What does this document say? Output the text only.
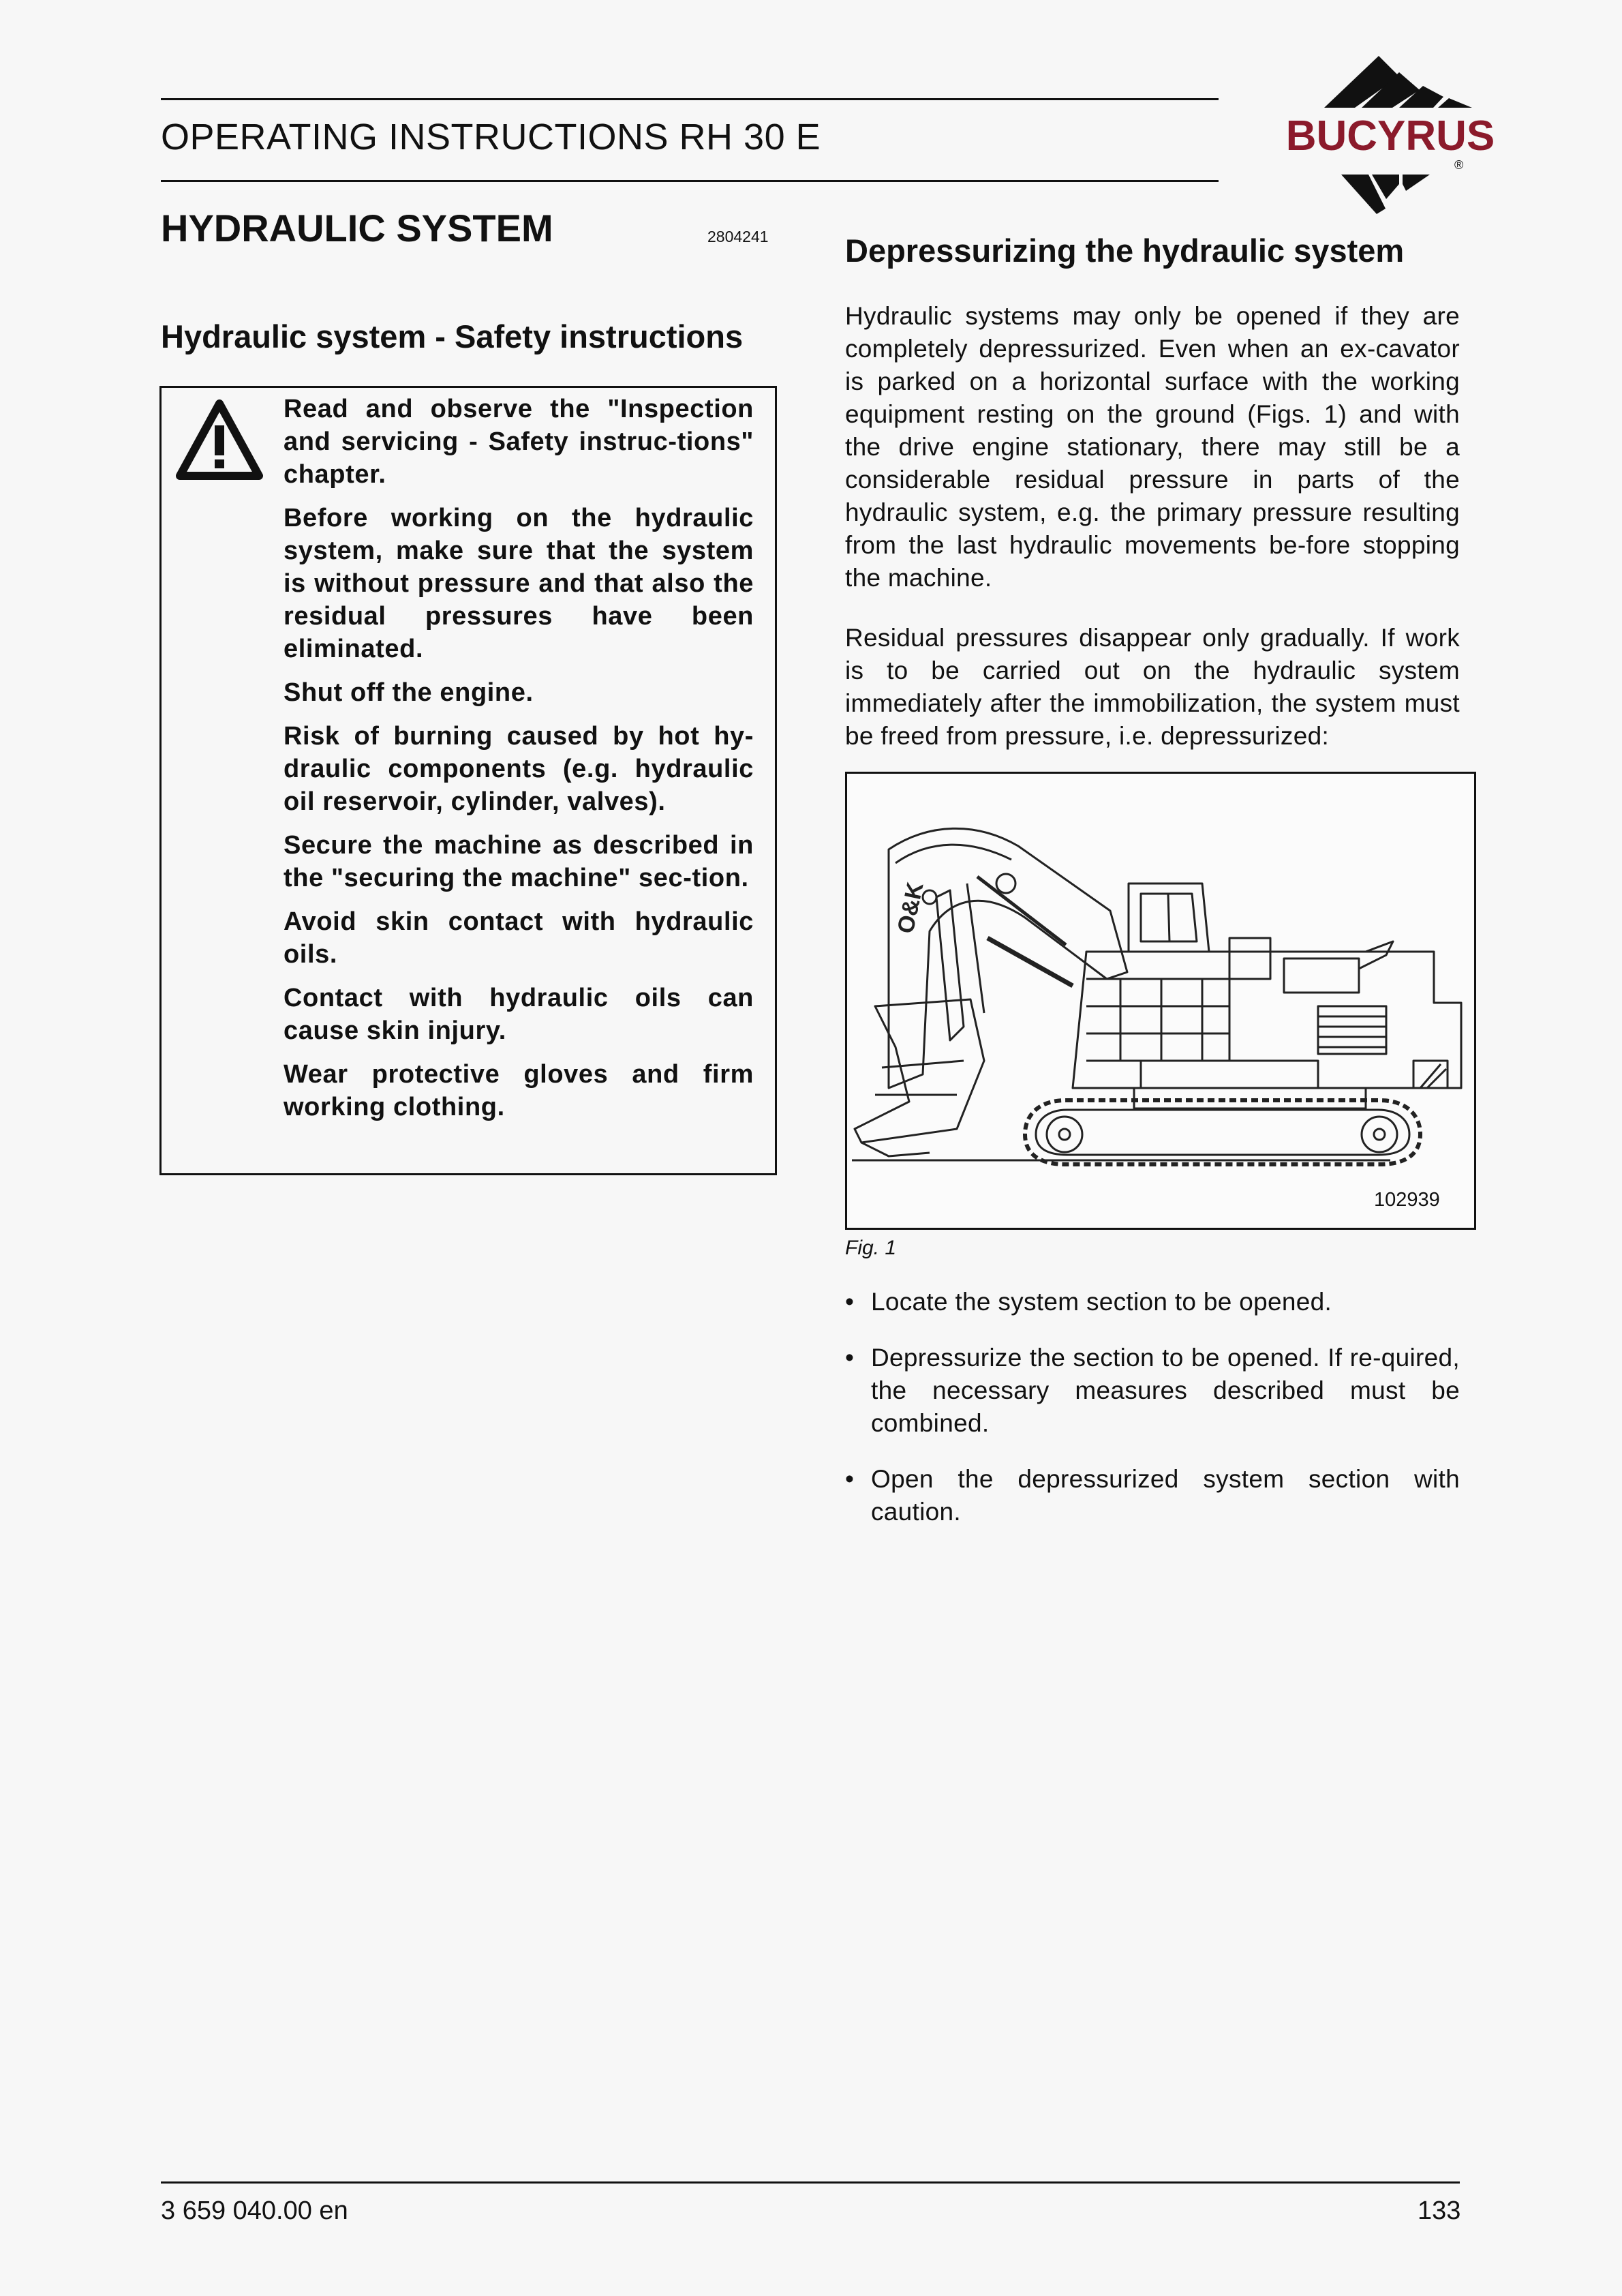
OPERATING INSTRUCTIONS RH 30 E	BUCYRUS
®
HYDRAULIC SYSTEM	2804241
Hydraulic system - Safety instructions

Read and observe the "Inspection and servicing - Safety instruc-tions" chapter.

Before working on the hydraulic system, make sure that the system is without pressure and that also the residual pressures have been eliminated.

Shut off the engine.

Risk of burning caused by hot hy-draulic components (e.g. hydraulic oil reservoir, cylinder, valves).

Secure the machine as described in the "securing the machine" sec-tion.

Avoid skin contact with hydraulic oils.

Contact with hydraulic oils can cause skin injury.

Wear protective gloves and firm working clothing.

Depressurizing the hydraulic system

Hydraulic systems may only be opened if they are completely depressurized. Even when an ex-cavator is parked on a horizontal surface with the working equipment resting on the ground (Figs. 1) and with the drive engine stationary, there may still be a considerable residual pressure in parts of the hydraulic system, e.g. the primary pressure resulting from the last hydraulic movements be-fore stopping the machine.

Residual pressures disappear only gradually. If work is to be carried out on the hydraulic system immediately after the immobilization, the system must be freed from pressure, i.e. depressurized:

O&K
102939
Fig. 1
• Locate the system section to be opened.
• Depressurize the section to be opened. If re-quired, the necessary measures described must be combined.
• Open the depressurized system section with caution.
3 659 040.00 en	133
